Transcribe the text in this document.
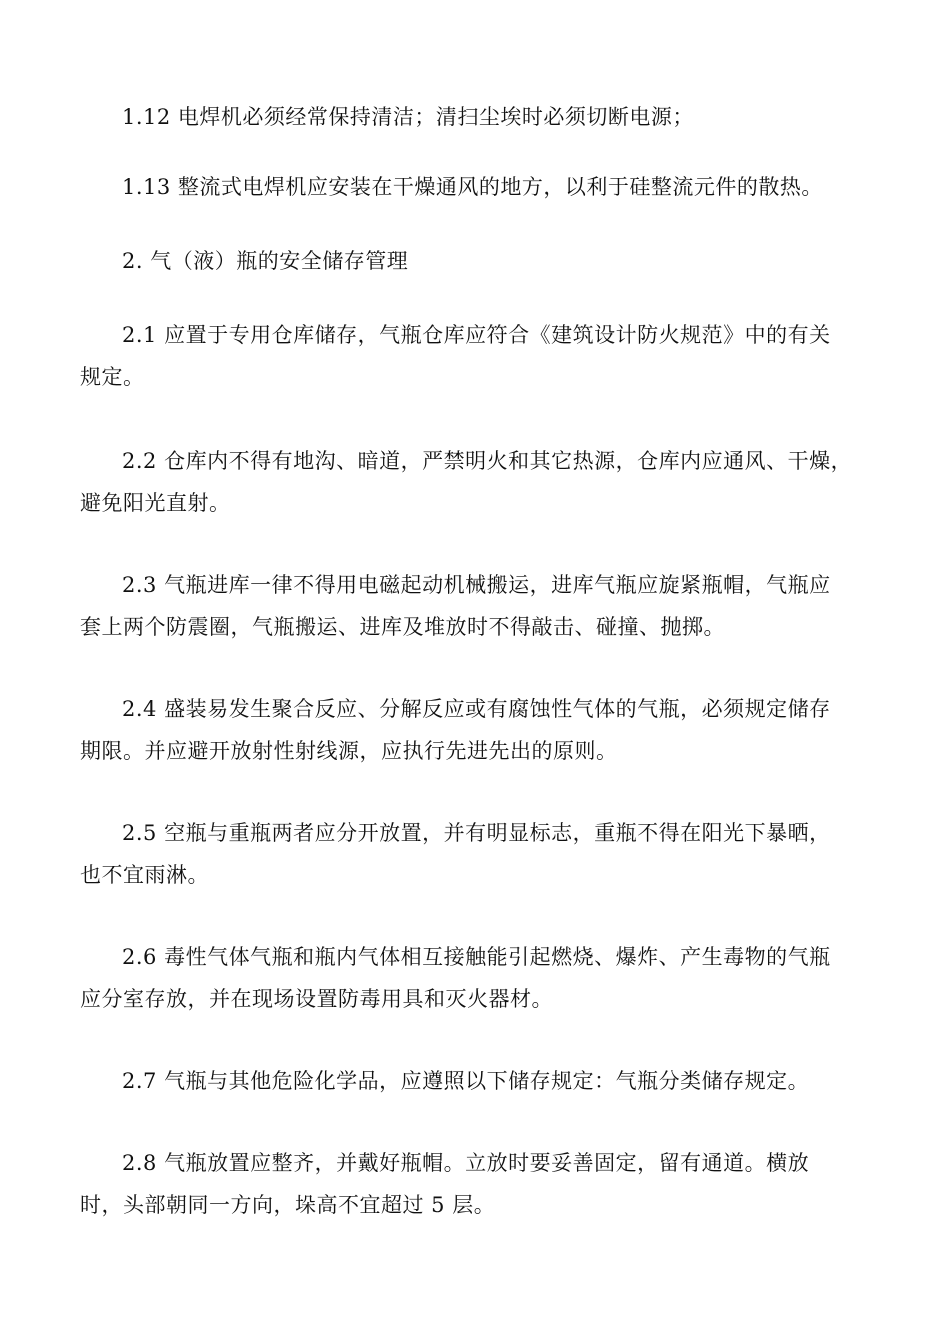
1.12 电焊机必须经常保持清洁；清扫尘埃时必须切断电源；

1.13 整流式电焊机应安装在干燥通风的地方，以利于硅整流元件的散热。

2. 气（液）瓶的安全储存管理

2.1 应置于专用仓库储存，气瓶仓库应符合《建筑设计防火规范》中的有关
规定。

2.2 仓库内不得有地沟、暗道，严禁明火和其它热源，仓库内应通风、干燥，
避免阳光直射。

2.3 气瓶进库一律不得用电磁起动机械搬运，进库气瓶应旋紧瓶帽，气瓶应
套上两个防震圈，气瓶搬运、进库及堆放时不得敲击、碰撞、抛掷。

2.4 盛装易发生聚合反应、分解反应或有腐蚀性气体的气瓶，必须规定储存
期限。并应避开放射性射线源，应执行先进先出的原则。

2.5 空瓶与重瓶两者应分开放置，并有明显标志，重瓶不得在阳光下暴晒，
也不宜雨淋。

2.6 毒性气体气瓶和瓶内气体相互接触能引起燃烧、爆炸、产生毒物的气瓶
应分室存放，并在现场设置防毒用具和灭火器材。

2.7 气瓶与其他危险化学品，应遵照以下储存规定：气瓶分类储存规定。

2.8 气瓶放置应整齐，并戴好瓶帽。立放时要妥善固定，留有通道。横放
时，头部朝同一方向，垛高不宜超过 5 层。
